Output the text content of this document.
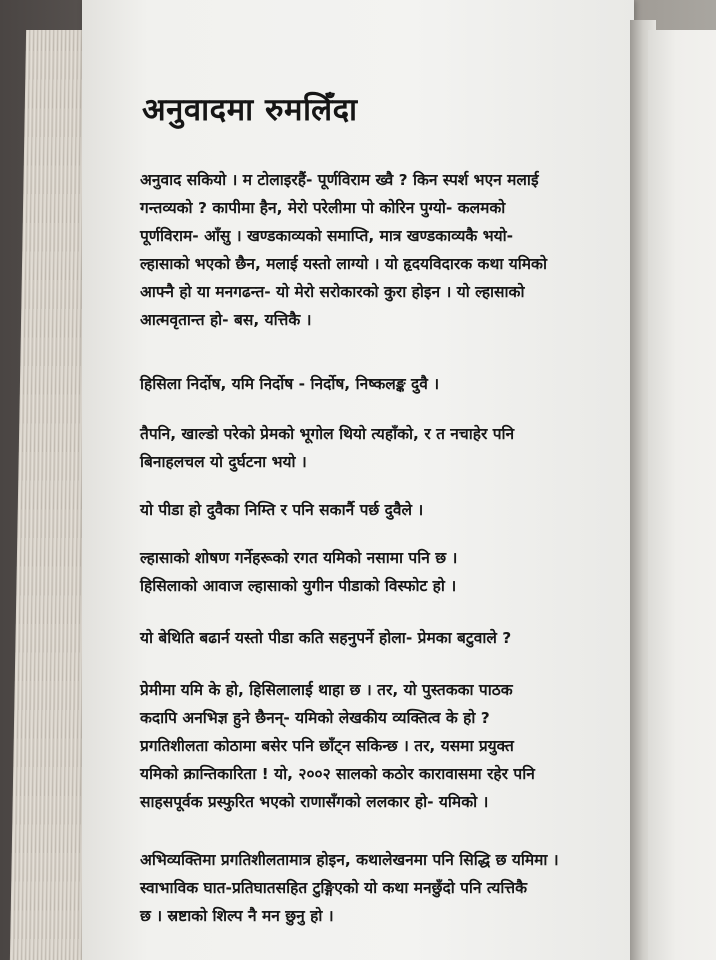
अनुवादमा रुमलिँदा
अनुवाद सकियो । म टोलाइरहैं- पूर्णविराम ख्वै ? किन स्पर्श भएन मलाई
गन्तव्यको ? कापीमा हैन, मेरो परेलीमा पो कोरिन पुग्यो- कलमको
पूर्णविराम- आँसु । खण्डकाव्यको समाप्ति, मात्र खण्डकाव्यकै भयो-
ल्हासाको भएको छैन, मलाई यस्तो लाग्यो । यो हृदयविदारक कथा यमिको
आफ्नै हो या मनगढन्त- यो मेरो सरोकारको कुरा होइन । यो ल्हासाको
आत्मवृतान्त हो- बस, यत्तिकै ।
हिसिला निर्दोष, यमि निर्दोष - निर्दोष, निष्कलङ्क दुवै ।
तैपनि, खाल्डो परेको प्रेमको भूगोल थियो त्यहाँको, र त नचाहेर पनि
बिनाहलचल यो दुर्घटना भयो ।
यो पीडा हो दुवैका निम्ति र पनि सकार्नै पर्छ दुवैले ।
ल्हासाको शोषण गर्नेहरूको रगत यमिको नसामा पनि छ ।
हिसिलाको आवाज ल्हासाको युगीन पीडाको विस्फोट हो ।
यो बेथिति बढार्न यस्तो पीडा कति सहनुपर्ने होला- प्रेमका बटुवाले ?
प्रेमीमा यमि के हो, हिसिलालाई थाहा छ । तर, यो पुस्तकका पाठक
कदापि अनभिज्ञ हुने छैनन्- यमिको लेखकीय व्यक्तित्व के हो ?
प्रगतिशीलता कोठामा बसेर पनि छाँट्न सकिन्छ । तर, यसमा प्रयुक्त
यमिको क्रान्तिकारिता ! यो, २००२ सालको कठोर कारावासमा रहेर पनि
साहसपूर्वक प्रस्फुरित भएको राणासँगको ललकार हो- यमिको ।
अभिव्यक्तिमा प्रगतिशीलतामात्र होइन, कथालेखनमा पनि सिद्धि छ यमिमा ।
स्वाभाविक घात-प्रतिघातसहित टुङ्गिएको यो कथा मनछुँदो पनि त्यत्तिकै
छ । स्रष्टाको शिल्प नै मन छुनु हो ।
